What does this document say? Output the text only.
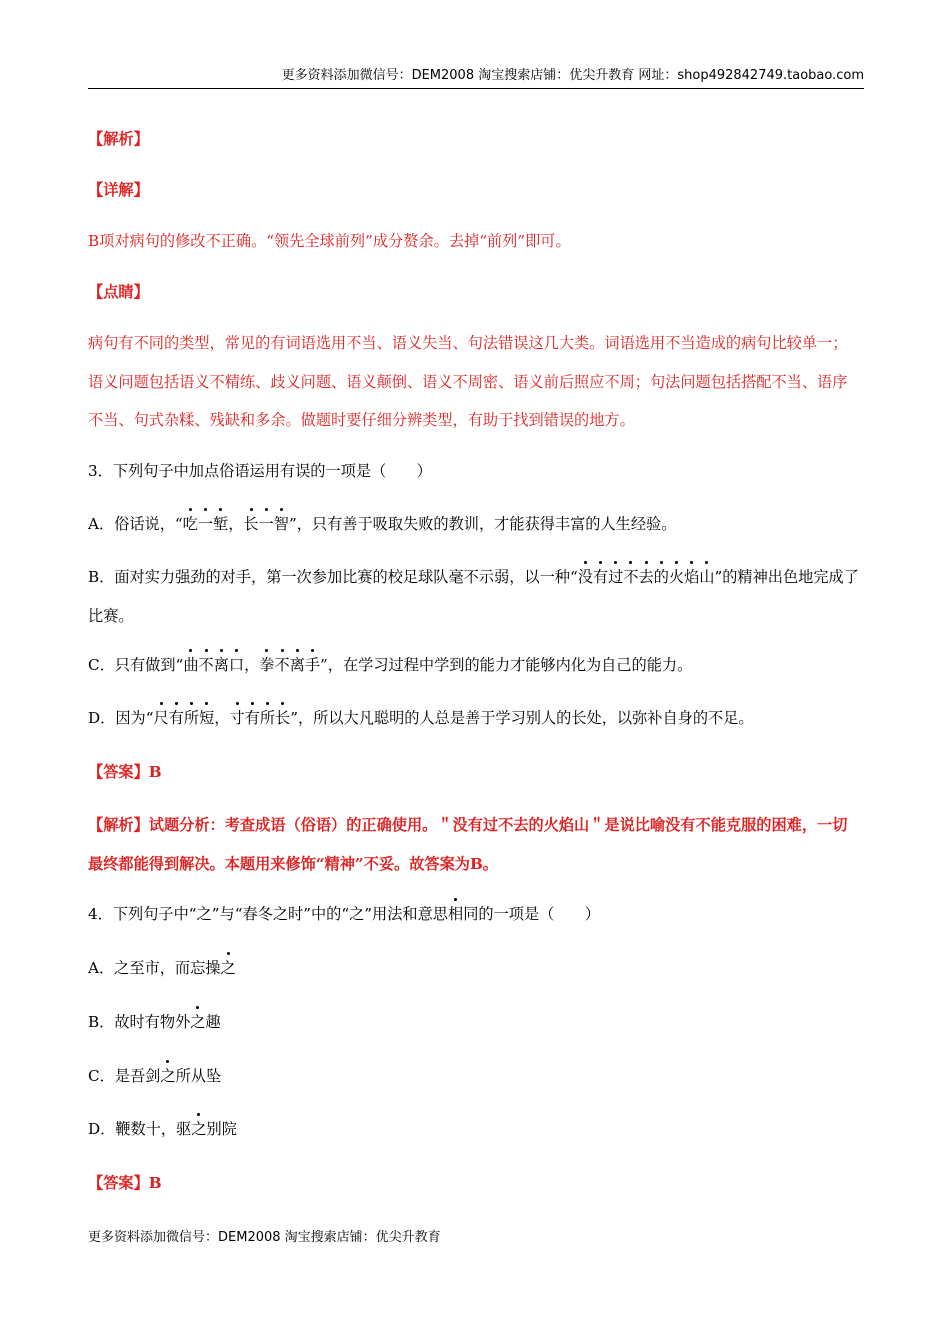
更多资料添加微信号：DEM2008 淘宝搜索店铺：优尖升教育 网址：shop492842749.taobao.com

【解析】

【详解】

B项对病句的修改不正确。“领先全球前列”成分赘余。去掉“前列”即可。

【点睛】

病句有不同的类型，常见的有词语选用不当、语义失当、句法错误这几大类。词语选用不当造成的病句比较单一；语义问题包括语义不精练、歧义问题、语义颠倒、语义不周密、语义前后照应不周；句法问题包括搭配不当、语序不当、句式杂糅、残缺和多余。做题时要仔细分辨类型，有助于找到错误的地方。

3．下列句子中加点俗语运用有误的一项是（　　）

A．俗话说，“吃一堑，长一智”，只有善于吸取失败的教训，才能获得丰富的人生经验。

B．面对实力强劲的对手，第一次参加比赛的校足球队毫不示弱，以一种“没有过不去的火焰山”的精神出色地完成了比赛。

C．只有做到“曲不离口，拳不离手”，在学习过程中学到的能力才能够内化为自己的能力。

D．因为“尺有所短，寸有所长”，所以大凡聪明的人总是善于学习别人的长处，以弥补自身的不足。

【答案】B

【解析】试题分析：考查成语（俗语）的正确使用。＂没有过不去的火焰山＂是说比喻没有不能克服的困难，一切最终都能得到解决。本题用来修饰“精神”不妥。故答案为B。

4．下列句子中“之”与“春冬之时”中的“之”用法和意思相同的一项是（　　）

A．之至市，而忘操之

B．故时有物外之趣

C．是吾剑之所从坠

D．鞭数十，驱之别院

【答案】B

更多资料添加微信号：DEM2008 淘宝搜索店铺：优尖升教育
